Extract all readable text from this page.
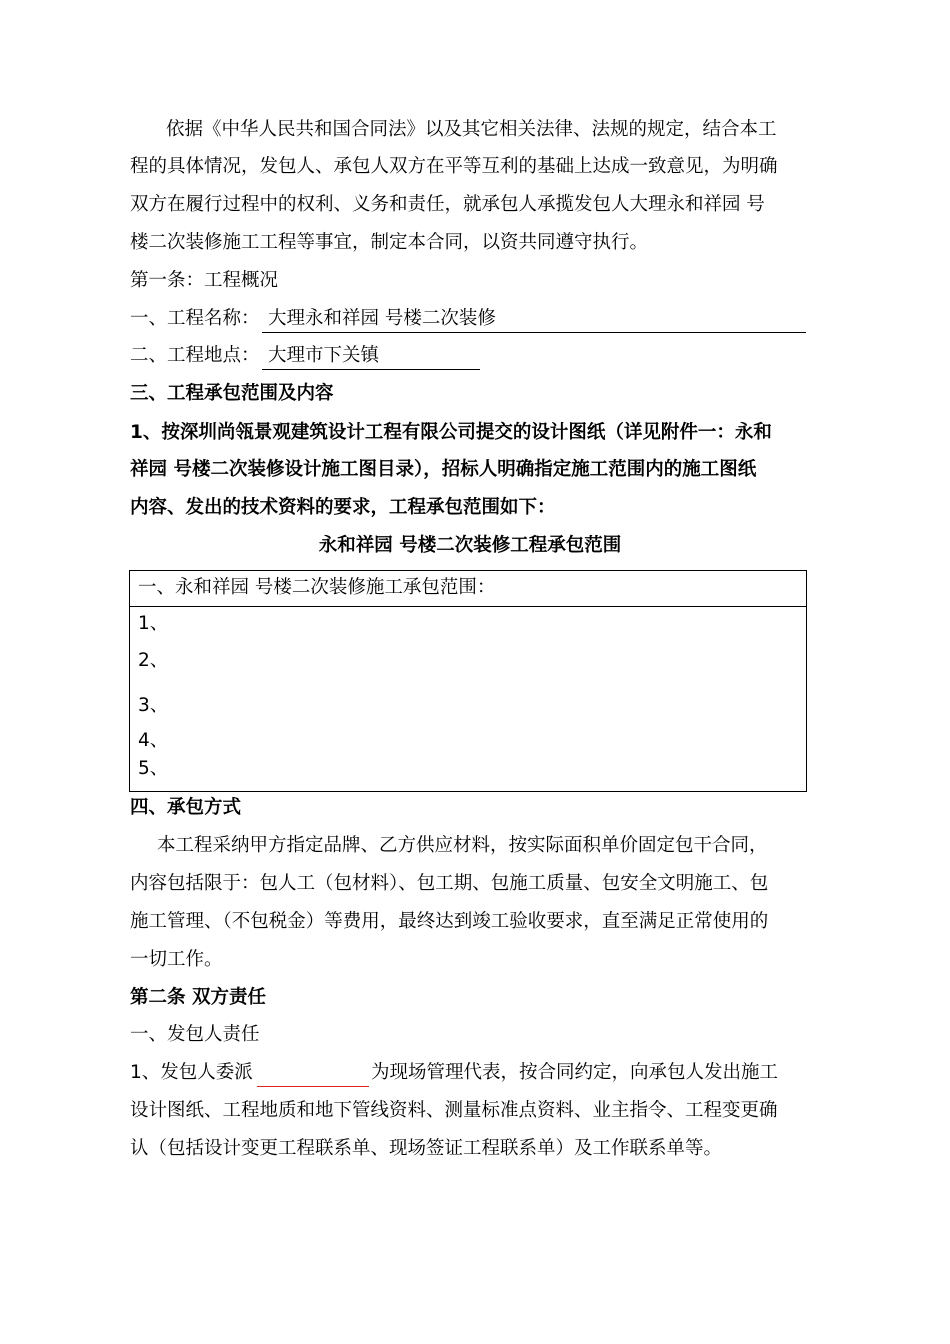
依据《中华人民共和国合同法》以及其它相关法律、法规的规定，结合本工
程的具体情况，发包人、承包人双方在平等互利的基础上达成一致意见，为明确
双方在履行过程中的权利、义务和责任，就承包人承揽发包人大理永和祥园 号
楼二次装修施工工程等事宜，制定本合同，以资共同遵守执行。
第一条：工程概况
一、工程名称： 大理永和祥园 号楼二次装修
二、工程地点： 大理市下关镇
三、工程承包范围及内容
1、按深圳尚瓴景观建筑设计工程有限公司提交的设计图纸（详见附件一：永和
祥园 号楼二次装修设计施工图目录），招标人明确指定施工范围内的施工图纸
内容、发出的技术资料的要求，工程承包范围如下：
永和祥园 号楼二次装修工程承包范围
一、永和祥园 号楼二次装修施工承包范围：
1、
2、
3、
4、
5、
四、承包方式
本工程采纳甲方指定品牌、乙方供应材料，按实际面积单价固定包干合同，
内容包括限于：包人工（包材料）、包工期、包施工质量、包安全文明施工、包
施工管理、（不包税金）等费用，最终达到竣工验收要求，直至满足正常使用的
一切工作。
第二条 双方责任
一、发包人责任
1、发包人委派	为现场管理代表，按合同约定，向承包人发出施工
设计图纸、工程地质和地下管线资料、测量标准点资料、业主指令、工程变更确
认（包括设计变更工程联系单、现场签证工程联系单）及工作联系单等。
